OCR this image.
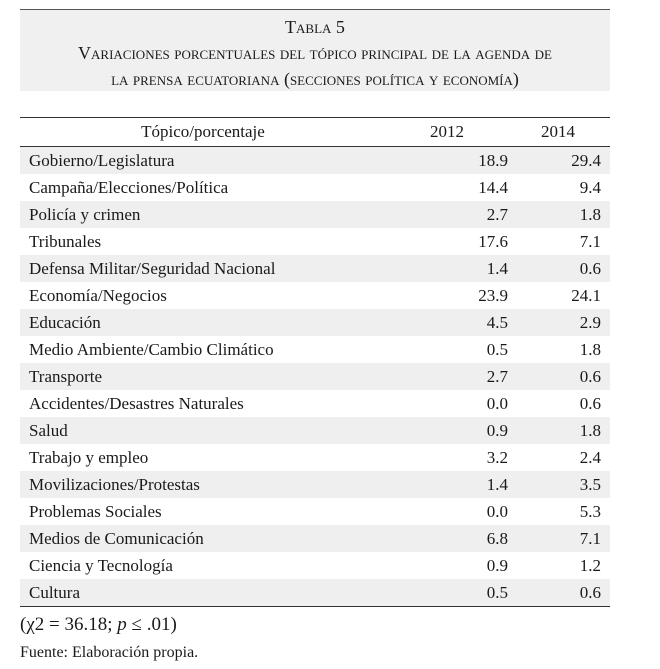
Tabla 5
Variaciones porcentuales del tópico principal de la agenda de
la prensa ecuatoriana (secciones política y economía)
Tópico/porcentaje	2012	2014
Gobierno/Legislatura	18.9	29.4
Campaña/Elecciones/Política	14.4	9.4
Policía y crimen	2.7	1.8
Tribunales	17.6	7.1
Defensa Militar/Seguridad Nacional	1.4	0.6
Economía/Negocios	23.9	24.1
Educación	4.5	2.9
Medio Ambiente/Cambio Climático	0.5	1.8
Transporte	2.7	0.6
Accidentes/Desastres Naturales	0.0	0.6
Salud	0.9	1.8
Trabajo y empleo	3.2	2.4
Movilizaciones/Protestas	1.4	3.5
Problemas Sociales	0.0	5.3
Medios de Comunicación	6.8	7.1
Ciencia y Tecnología	0.9	1.2
Cultura	0.5	0.6
(χ2 = 36.18; p ≤ .01)
Fuente: Elaboración propia.
